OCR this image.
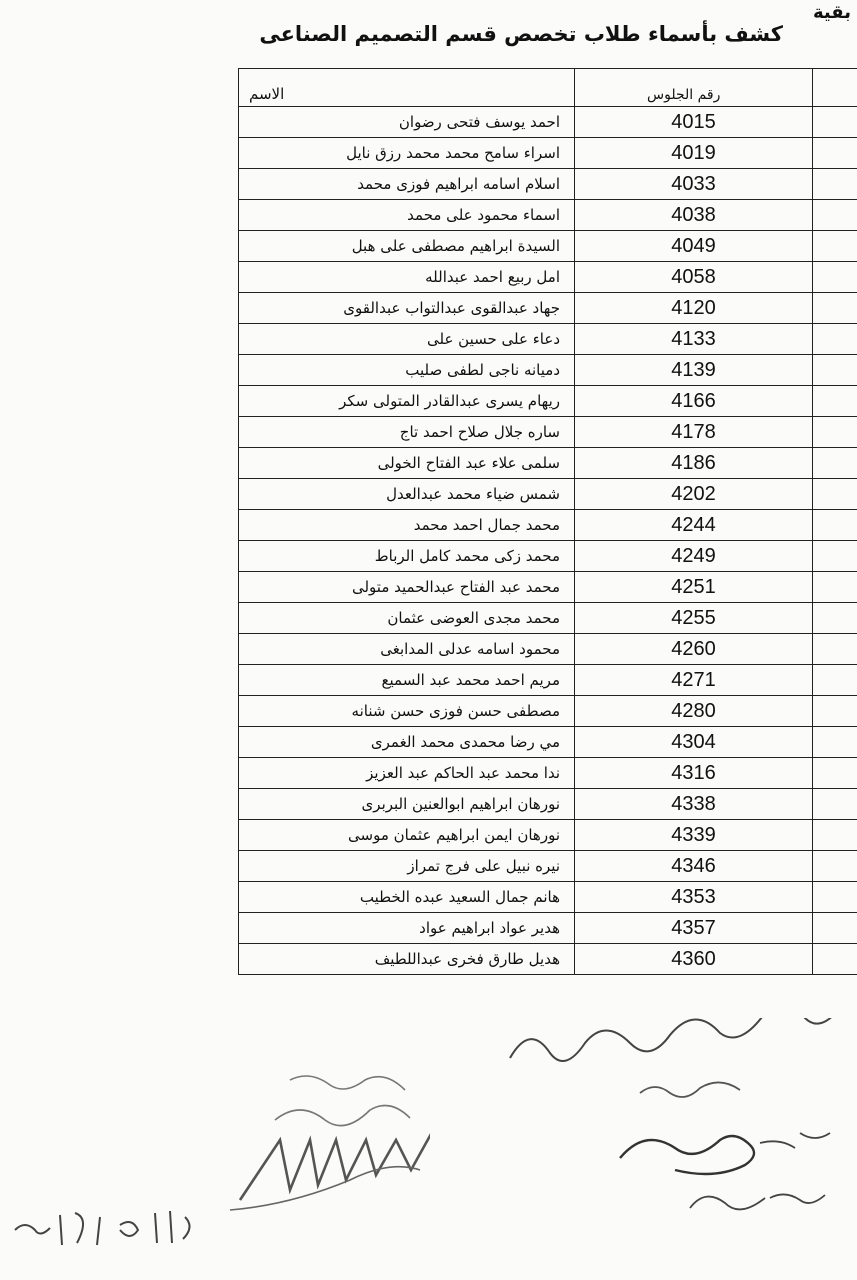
بقية
كشف بأسماء طلاب تخصص قسم التصميم الصناعى
	رقم الجلوس	الاسم
	4015	احمد يوسف فتحى رضوان
	4019	اسراء سامح محمد محمد رزق نايل
	4033	اسلام اسامه ابراهيم فوزى محمد
	4038	اسماء محمود على محمد
	4049	السيدة ابراهيم مصطفى على هبل
	4058	امل ربيع احمد عبدالله
	4120	جهاد عبدالقوى عبدالتواب عبدالقوى
	4133	دعاء على حسين على
	4139	دميانه ناجى لطفى صليب
	4166	ريهام يسرى عبدالقادر المتولى سكر
	4178	ساره جلال صلاح احمد تاج
	4186	سلمى علاء عبد الفتاح الخولى
	4202	شمس ضياء محمد عبدالعدل
	4244	محمد جمال احمد محمد
	4249	محمد زكى محمد كامل الرباط
	4251	محمد عبد الفتاح عبدالحميد متولى
	4255	محمد مجدى العوضى عثمان
	4260	محمود اسامه عدلى المدابغى
	4271	مريم احمد محمد عبد السميع
	4280	مصطفى حسن فوزى حسن شنانه
	4304	مي رضا محمدى محمد الغمرى
	4316	ندا محمد عبد الحاكم عبد العزيز
	4338	نورهان ابراهيم ابوالعنين البربرى
	4339	نورهان ايمن ابراهيم عثمان موسى
	4346	نيره نبيل على فرج تمراز
	4353	هانم جمال السعيد عبده الخطيب
	4357	هدير عواد ابراهيم عواد
	4360	هديل طارق فخرى عبداللطيف
